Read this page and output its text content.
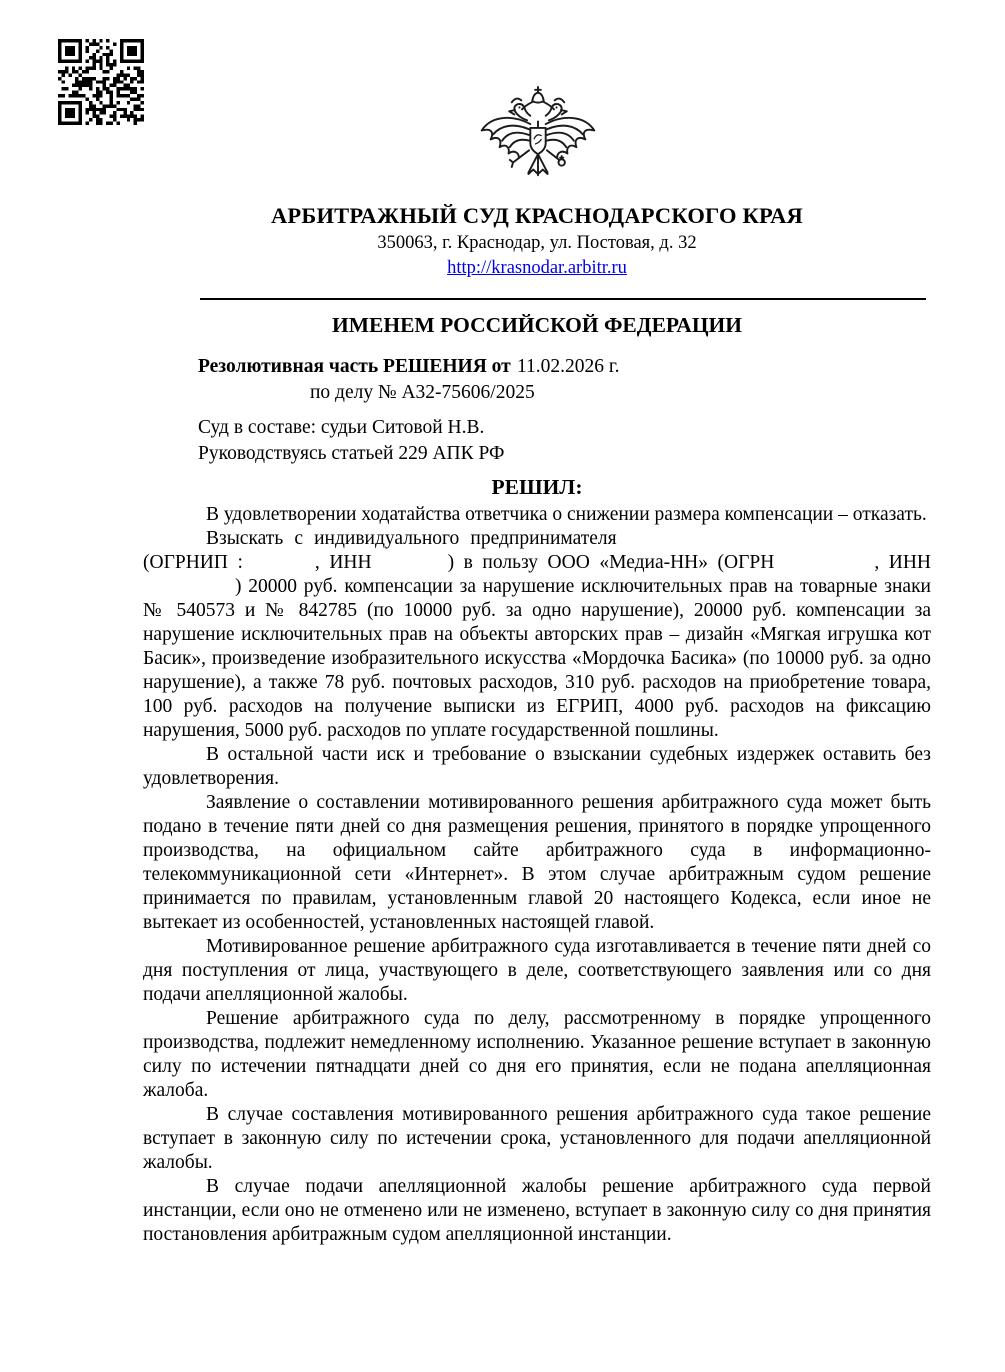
АРБИТРАЖНЫЙ СУД КРАСНОДАРСКОГО КРАЯ
350063, г. Краснодар, ул. Постовая, д. 32
http://krasnodar.arbitr.ru
ИМЕНЕМ РОССИЙСКОЙ ФЕДЕРАЦИИ
Резолютивная часть РЕШЕНИЯ от 11.02.2026 г.
по делу № А32-75606/2025
Суд в составе: судьи Ситовой Н.В.
Руководствуясь статьей 229 АПК РФ
РЕШИЛ:

В удовлетворении ходатайства ответчика о снижении размера компенсации – отказать.

Взыскать с индивидуального предпринимателя

(ОГРНИП :	, ИНН	) в пользу ООО «Медиа-НН» (ОГРН	, ИНН) 20000 руб. компенсации за нарушение исключительных прав на товарные знаки № 540573 и № 842785 (по 10000 руб. за одно нарушение), 20000 руб. компенсации за нарушение исключительных прав на объекты авторских прав – дизайн «Мягкая игрушка кот Басик», произведение изобразительного искусства «Мордочка Басика» (по 10000 руб. за одно нарушение), а также 78 руб. почтовых расходов, 310 руб. расходов на приобретение товара, 100 руб. расходов на получение выписки из ЕГРИП, 4000 руб. расходов на фиксацию нарушения, 5000 руб. расходов по уплате государственной пошлины.

В остальной части иск и требование о взыскании судебных издержек оставить без удовлетворения.

Заявление о составлении мотивированного решения арбитражного суда может быть подано в течение пяти дней со дня размещения решения, принятого в порядке упрощенного производства, на официальном сайте арбитражного суда в информационно-телекоммуникационной сети «Интернет». В этом случае арбитражным судом решение принимается по правилам, установленным главой 20 настоящего Кодекса, если иное не вытекает из особенностей, установленных настоящей главой.

Мотивированное решение арбитражного суда изготавливается в течение пяти дней со дня поступления от лица, участвующего в деле, соответствующего заявления или со дня подачи апелляционной жалобы.

Решение арбитражного суда по делу, рассмотренному в порядке упрощенного производства, подлежит немедленному исполнению. Указанное решение вступает в законную силу по истечении пятнадцати дней со дня его принятия, если не подана апелляционная жалоба.

В случае составления мотивированного решения арбитражного суда такое решение вступает в законную силу по истечении срока, установленного для подачи апелляционной жалобы.

В случае подачи апелляционной жалобы решение арбитражного суда первой инстанции, если оно не отменено или не изменено, вступает в законную силу со дня принятия постановления арбитражным судом апелляционной инстанции.
